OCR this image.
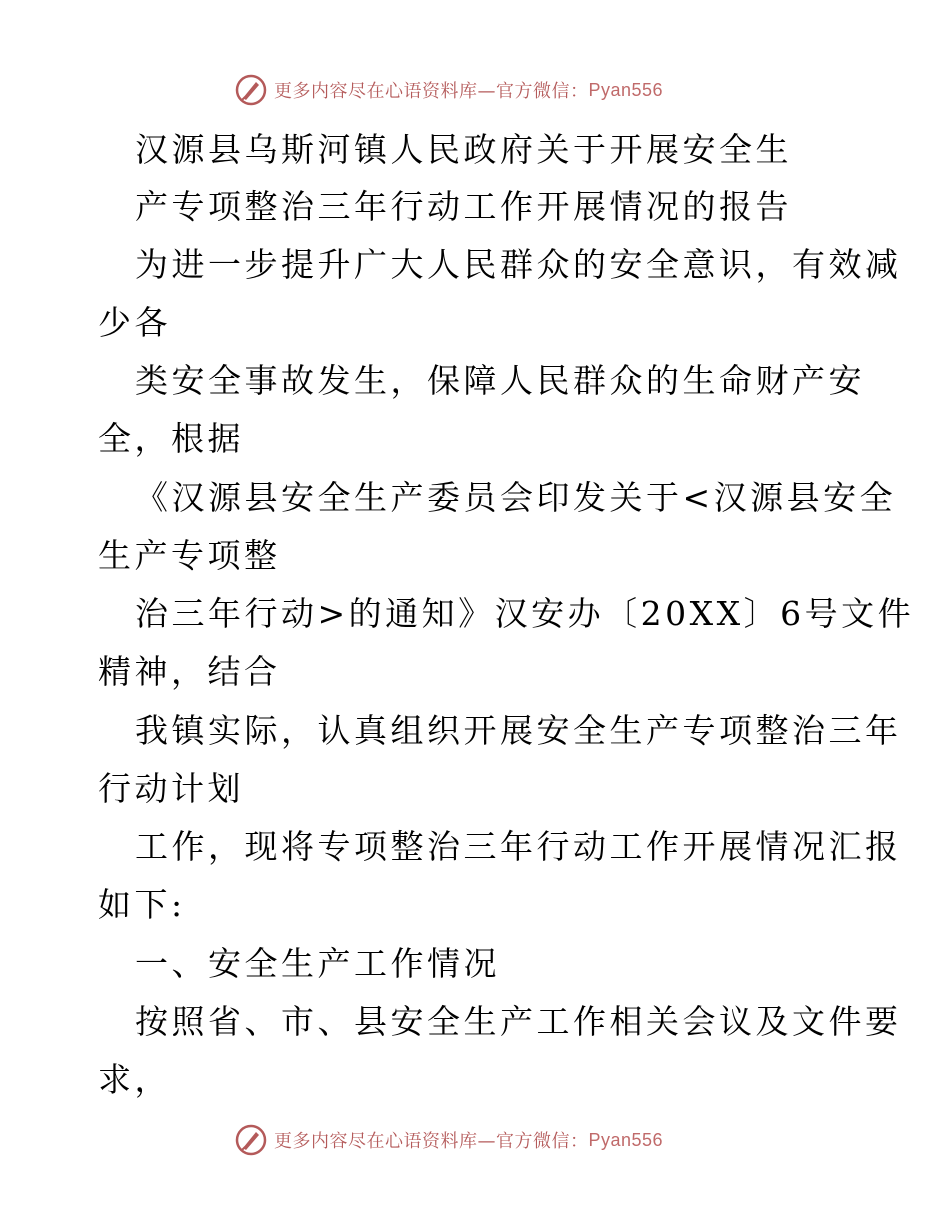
更多内容尽在心语资料库—官方微信： Pyan556
汉源县乌斯河镇人民政府关于开展安全生
产专项整治三年行动工作开展情况的报告
为进一步提升广大人民群众的安全意识，有效减
少各
类安全事故发生，保障人民群众的生命财产安
全，根据
《汉源县安全生产委员会印发关于<汉源县安全
生产专项整
治三年行动>的通知》汉安办〔20XX〕6号文件
精神，结合
我镇实际，认真组织开展安全生产专项整治三年
行动计划
工作，现将专项整治三年行动工作开展情况汇报
如下:
一、安全生产工作情况
按照省、市、县安全生产工作相关会议及文件要
求，
更多内容尽在心语资料库—官方微信： Pyan556
